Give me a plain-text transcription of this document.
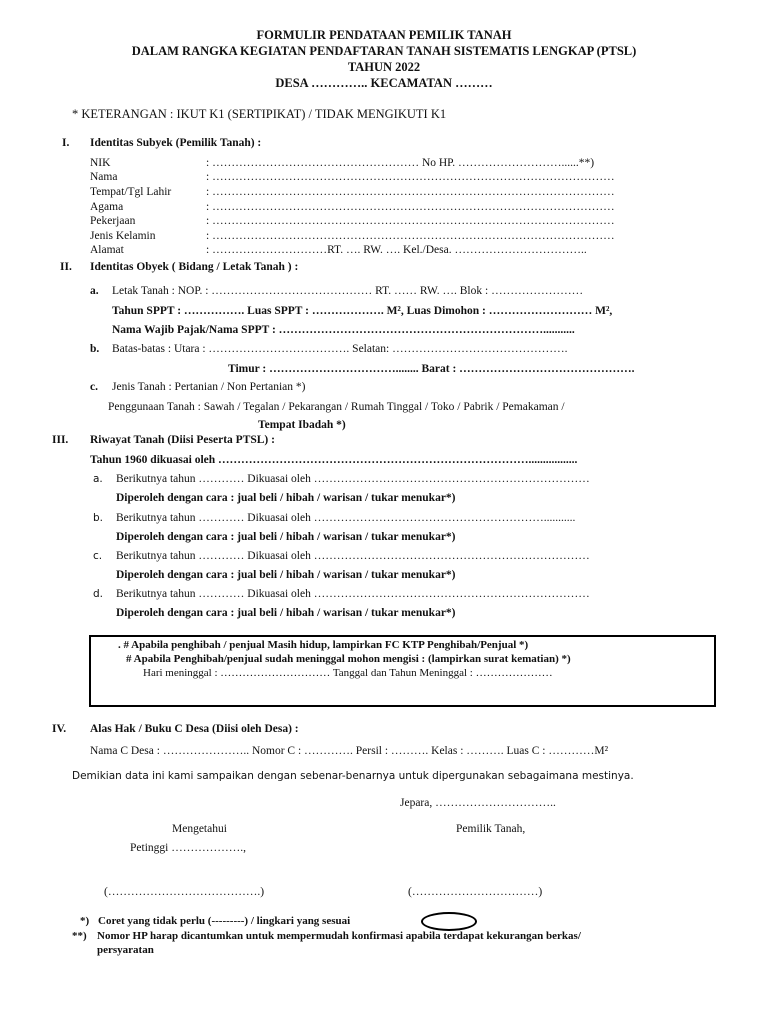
FORMULIR PENDATAAN PEMILIK TANAH
DALAM RANGKA KEGIATAN PENDAFTARAN TANAH SISTEMATIS LENGKAP (PTSL)
TAHUN 2022
DESA ………….. KECAMATAN ………
* KETERANGAN : IKUT K1 (SERTIPIKAT) / TIDAK MENGIKUTI K1
I. Identitas Subyek (Pemilik Tanah) :
NIK	: ……………………………………………… No HP. ………………………......**)
Nama	: ……………………………………………………………………………………………
Tempat/Tgl Lahir	: ……………………………………………………………………………………………
Agama	: ……………………………………………………………………………………………
Pekerjaan	: ……………………………………………………………………………………………
Jenis Kelamin	: ……………………………………………………………………………………………
Alamat	: …………………………RT. …. RW. …. Kel./Desa. ……………………………..
II. Identitas Obyek ( Bidang / Letak Tanah ) :
a. Letak Tanah : NOP. : …………………………………… RT. …… RW. …. Blok : ……………………
Tahun SPPT : ……………. Luas SPPT : ………………. M², Luas Dimohon : ……………………… M²,
Nama Wajib Pajak/Nama SPPT : ……………………………………………………………...........
b. Batas-batas : Utara : ………………………………. Selatan: ……………………………………….
Timur : ……………………………........ Barat : ……………………………………….
c. Jenis Tanah : Pertanian / Non Pertanian *)
Penggunaan Tanah : Sawah / Tegalan / Pekarangan / Rumah Tinggal / Toko / Pabrik / Pemakaman /
Tempat Ibadah *)
III. Riwayat Tanah (Diisi Peserta PTSL) :
Tahun 1960 dikuasai oleh ……………………………………………………………………….................
a. Berikutnya tahun ………… Dikuasai oleh ………………………………………………………………
Diperoleh dengan cara : jual beli / hibah / warisan / tukar menukar*)
b. Berikutnya tahun ………… Dikuasai oleh ……………………………………………………...........
Diperoleh dengan cara : jual beli / hibah / warisan / tukar menukar*)
c. Berikutnya tahun ………… Dikuasai oleh ………………………………………………………………
Diperoleh dengan cara : jual beli / hibah / warisan / tukar menukar*)
d. Berikutnya tahun ………… Dikuasai oleh ………………………………………………………………
Diperoleh dengan cara : jual beli / hibah / warisan / tukar menukar*)
. # Apabila penghibah / penjual Masih hidup, lampirkan FC KTP Penghibah/Penjual *)
# Apabila Penghibah/penjual sudah meninggal mohon mengisi : (lampirkan surat kematian) *)
Hari meninggal : ………………………… Tanggal dan Tahun Meninggal : …………………
IV. Alas Hak / Buku C Desa (Diisi oleh Desa) :
Nama C Desa : ………………….. Nomor C : …………. Persil : ………. Kelas : ………. Luas C : …………M²
Demikian data ini kami sampaikan dengan sebenar-benarnya untuk dipergunakan sebagaimana mestinya.
Jepara, …………………………..
Mengetahui	Pemilik Tanah,
Petinggi ……………….,
(………………………………….)	(……………………………)
*) Coret yang tidak perlu (---------) / lingkari yang sesuai
**) Nomor HP harap dicantumkan untuk mempermudah konfirmasi apabila terdapat kekurangan berkas/
persyaratan
